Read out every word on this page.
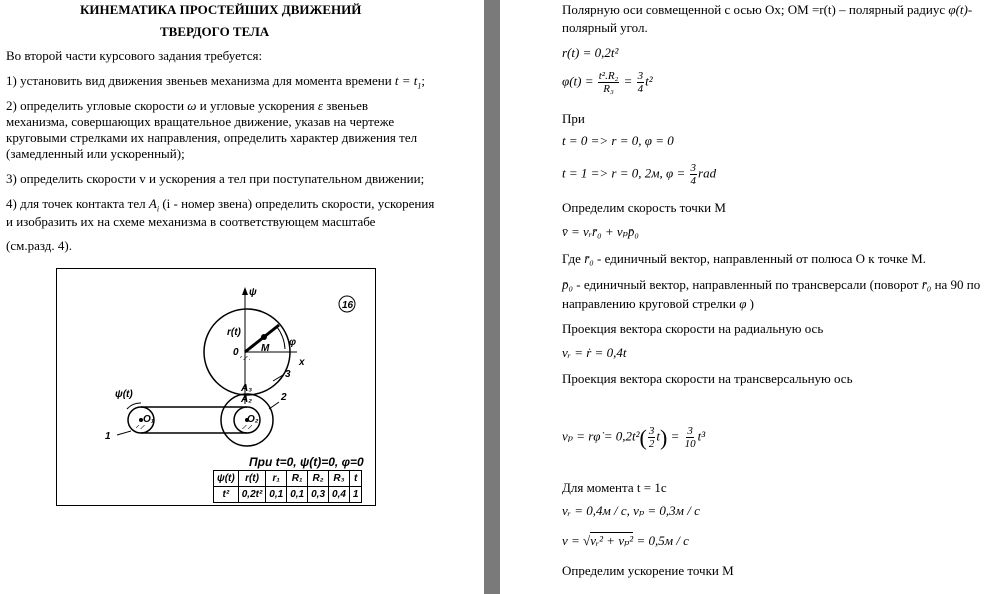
КИНЕМАТИКА ПРОСТЕЙШИХ ДВИЖЕНИЙ
ТВЕРДОГО ТЕЛА
Во второй части курсового задания требуется:
1) установить вид движения звеньев механизма для момента времени $t = t_1$;
2) определить угловые скорости ω и угловые ускорения ε звеньев
механизма, совершающих вращательное движение, указав на чертеже
круговыми стрелками их направления, определить характер движения тел
(замедленный или ускоренный);
3) определить скорости v и ускорения a тел при поступательном движении;
4) для точек контакта тел $A_i$ (i - номер звена) определить скорости, ускорения
и изобразить их на схеме механизма в соответствующем масштабе
(см.разд. 4).
16
ψ
r(t)
M
0
φ
x
3
A₃
A₂
O₂
2
ψ(t)
O₁
1
При t=0, ψ(t)=0, φ=0
ψ(t)	r(t)	r₁	R₁	R₂	R₃	t
t²	0,2t²	0,1	0,1	0,3	0,4	1
Полярную оси совмещенной с осью Ox; OM =r(t) – полярный радиус φ(t)-
полярный угол.
r(t) = 0,2t²
$\varphi(t) = \frac{\text{t².R₂}}{\text{R₃}} = \frac{3}{4} t^2$
При
t = 0 => r = 0, φ = 0
t = 1 => r = 0, 2м, $\varphi = \frac{3}{4}$ rad
Определим скорость точки М
v̄ = vᵣr̄₀ + vₚp̄₀
Где r̄₀ - единичный вектор, направленный от полюса О к точке М.
p̄₀ - единичный вектор, направленный по трансверсали (поворот r̄₀ на 90 по
направлению круговой стрелки φ )
Проекция вектора скорости на радиальную ось
vᵣ = ṙ = 0,4t
Проекция вектора скорости на трансверсальную ось
vₚ = rφ̇ = $0,2t^2( \frac{3}{2} t) = \frac{3}{10} t^3$
Для момента t = 1c
vᵣ = 0,4м / с, vₚ = 0,3м / с
v = √vᵣ² + vₚ² = 0,5м / с
Определим ускорение точки М
